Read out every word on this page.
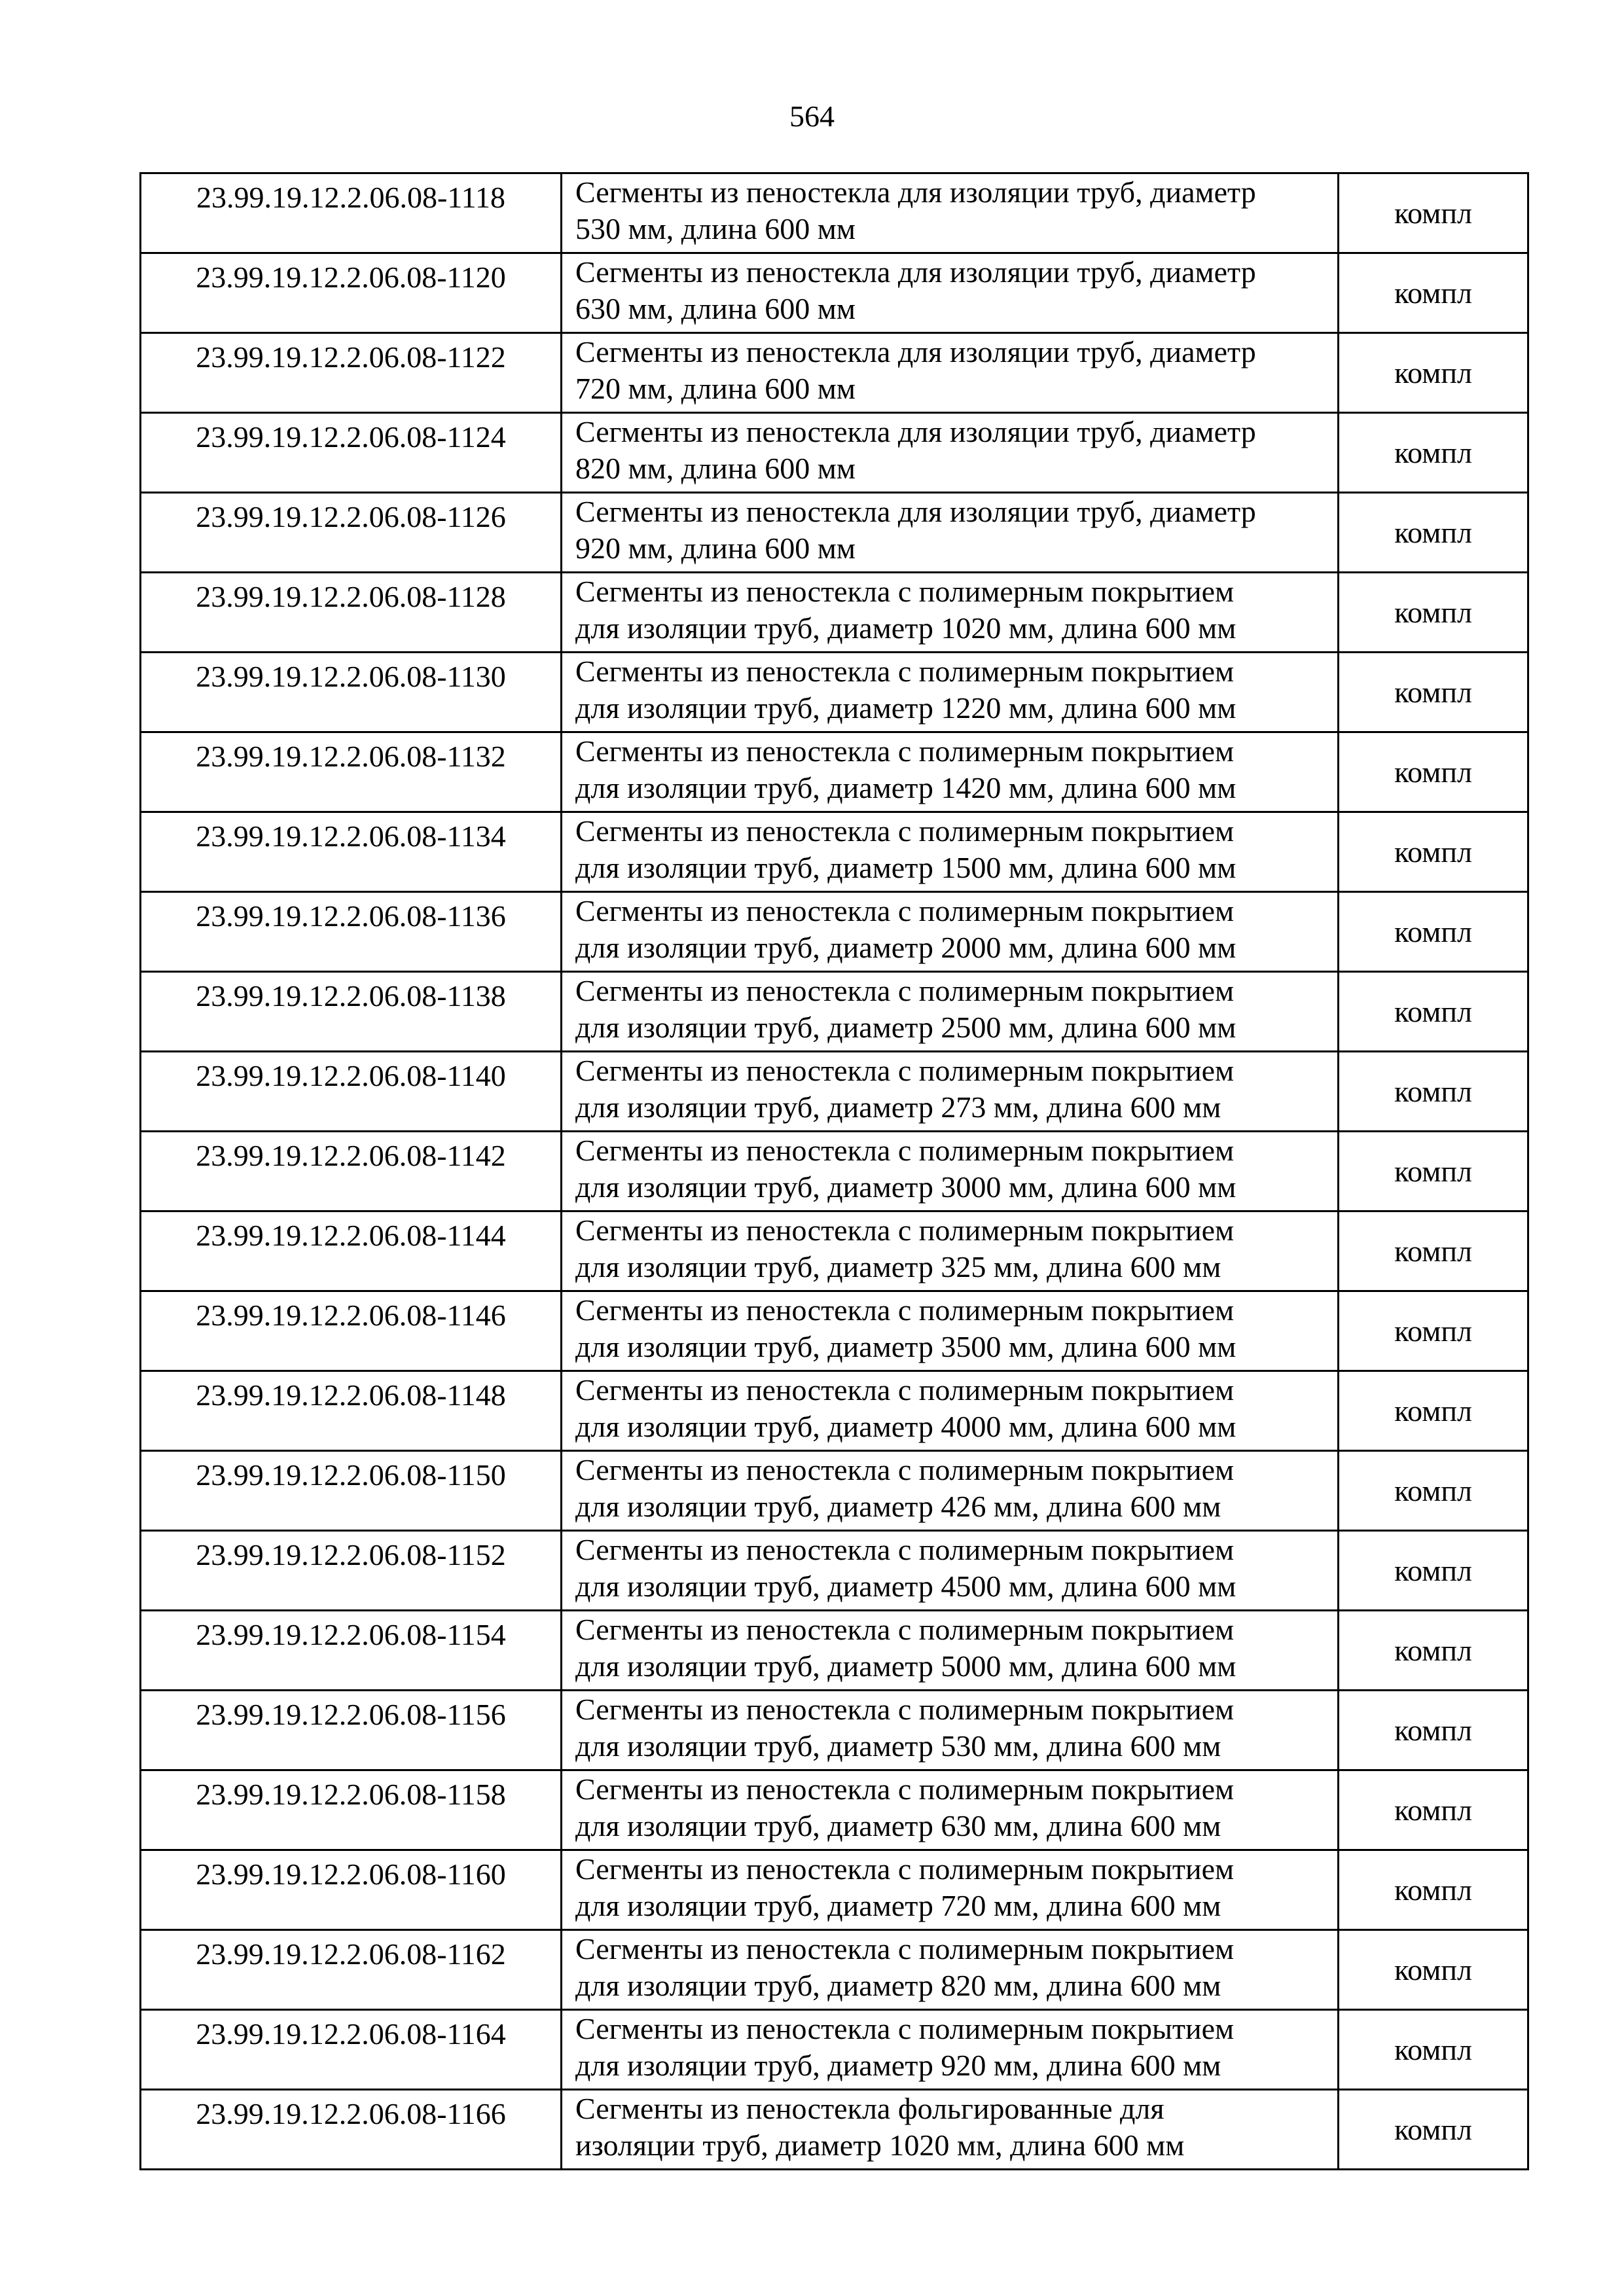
564
23.99.19.12.2.06.08-1118	Сегменты из пеностекла для изоляции труб, диаметр
530 мм, длина 600 мм	компл
23.99.19.12.2.06.08-1120	Сегменты из пеностекла для изоляции труб, диаметр
630 мм, длина 600 мм	компл
23.99.19.12.2.06.08-1122	Сегменты из пеностекла для изоляции труб, диаметр
720 мм, длина 600 мм	компл
23.99.19.12.2.06.08-1124	Сегменты из пеностекла для изоляции труб, диаметр
820 мм, длина 600 мм	компл
23.99.19.12.2.06.08-1126	Сегменты из пеностекла для изоляции труб, диаметр
920 мм, длина 600 мм	компл
23.99.19.12.2.06.08-1128	Сегменты из пеностекла с полимерным покрытием
для изоляции труб, диаметр 1020 мм, длина 600 мм	компл
23.99.19.12.2.06.08-1130	Сегменты из пеностекла с полимерным покрытием
для изоляции труб, диаметр 1220 мм, длина 600 мм	компл
23.99.19.12.2.06.08-1132	Сегменты из пеностекла с полимерным покрытием
для изоляции труб, диаметр 1420 мм, длина 600 мм	компл
23.99.19.12.2.06.08-1134	Сегменты из пеностекла с полимерным покрытием
для изоляции труб, диаметр 1500 мм, длина 600 мм	компл
23.99.19.12.2.06.08-1136	Сегменты из пеностекла с полимерным покрытием
для изоляции труб, диаметр 2000 мм, длина 600 мм	компл
23.99.19.12.2.06.08-1138	Сегменты из пеностекла с полимерным покрытием
для изоляции труб, диаметр 2500 мм, длина 600 мм	компл
23.99.19.12.2.06.08-1140	Сегменты из пеностекла с полимерным покрытием
для изоляции труб, диаметр 273 мм, длина 600 мм	компл
23.99.19.12.2.06.08-1142	Сегменты из пеностекла с полимерным покрытием
для изоляции труб, диаметр 3000 мм, длина 600 мм	компл
23.99.19.12.2.06.08-1144	Сегменты из пеностекла с полимерным покрытием
для изоляции труб, диаметр 325 мм, длина 600 мм	компл
23.99.19.12.2.06.08-1146	Сегменты из пеностекла с полимерным покрытием
для изоляции труб, диаметр 3500 мм, длина 600 мм	компл
23.99.19.12.2.06.08-1148	Сегменты из пеностекла с полимерным покрытием
для изоляции труб, диаметр 4000 мм, длина 600 мм	компл
23.99.19.12.2.06.08-1150	Сегменты из пеностекла с полимерным покрытием
для изоляции труб, диаметр 426 мм, длина 600 мм	компл
23.99.19.12.2.06.08-1152	Сегменты из пеностекла с полимерным покрытием
для изоляции труб, диаметр 4500 мм, длина 600 мм	компл
23.99.19.12.2.06.08-1154	Сегменты из пеностекла с полимерным покрытием
для изоляции труб, диаметр 5000 мм, длина 600 мм	компл
23.99.19.12.2.06.08-1156	Сегменты из пеностекла с полимерным покрытием
для изоляции труб, диаметр 530 мм, длина 600 мм	компл
23.99.19.12.2.06.08-1158	Сегменты из пеностекла с полимерным покрытием
для изоляции труб, диаметр 630 мм, длина 600 мм	компл
23.99.19.12.2.06.08-1160	Сегменты из пеностекла с полимерным покрытием
для изоляции труб, диаметр 720 мм, длина 600 мм	компл
23.99.19.12.2.06.08-1162	Сегменты из пеностекла с полимерным покрытием
для изоляции труб, диаметр 820 мм, длина 600 мм	компл
23.99.19.12.2.06.08-1164	Сегменты из пеностекла с полимерным покрытием
для изоляции труб, диаметр 920 мм, длина 600 мм	компл
23.99.19.12.2.06.08-1166	Сегменты из пеностекла фольгированные для
изоляции труб, диаметр 1020 мм, длина 600 мм	компл
